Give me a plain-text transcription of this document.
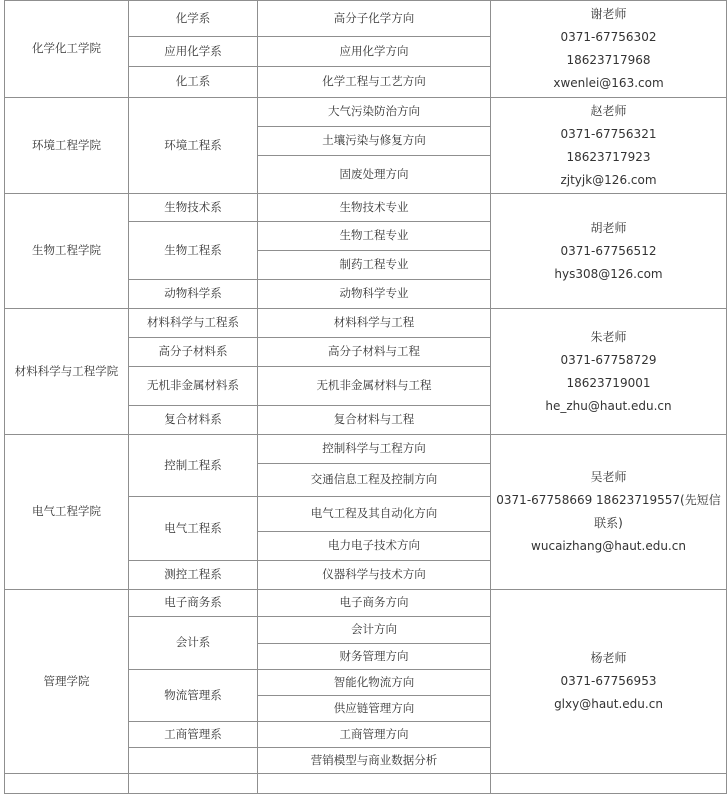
化学化工学院	化学系	高分子化学方向	谢老师
0371-67756302
18623717968
xwenlei@163.com

	应用化学系	应用化学方向	
	化工系	化学工程与工艺方向	
环境工程学院	环境工程系	大气污染防治方向	赵老师
0371-67756321
18623717923
zjtyjk@126.com

		土壤污染与修复方向	
		固废处理方向	
生物工程学院	生物技术系	生物技术专业	胡老师
0371-67756512
hys308@126.com

	生物工程系	生物工程专业	
		制药工程专业	
	动物科学系	动物科学专业	
材料科学与工程学院	材料科学与工程系	材料科学与工程	朱老师
0371-67758729
18623719001
he_zhu@haut.edu.cn

	高分子材料系	高分子材料与工程	
	无机非金属材料系	无机非金属材料与工程	
	复合材料系	复合材料与工程	
电气工程学院	控制工程系	控制科学与工程方向	吴老师
0371-67758669 18623719557(先短信联系)
wucaizhang@haut.edu.cn

		交通信息工程及控制方向	
	电气工程系	电气工程及其自动化方向	
		电力电子技术方向	
	测控工程系	仪器科学与技术方向	
管理学院	电子商务系	电子商务方向	杨老师
0371-67756953
glxy@haut.edu.cn

	会计系	会计方向	
		财务管理方向	
	物流管理系	智能化物流方向	
		供应链管理方向	
	工商管理系	工商管理方向	
		营销模型与商业数据分析	
